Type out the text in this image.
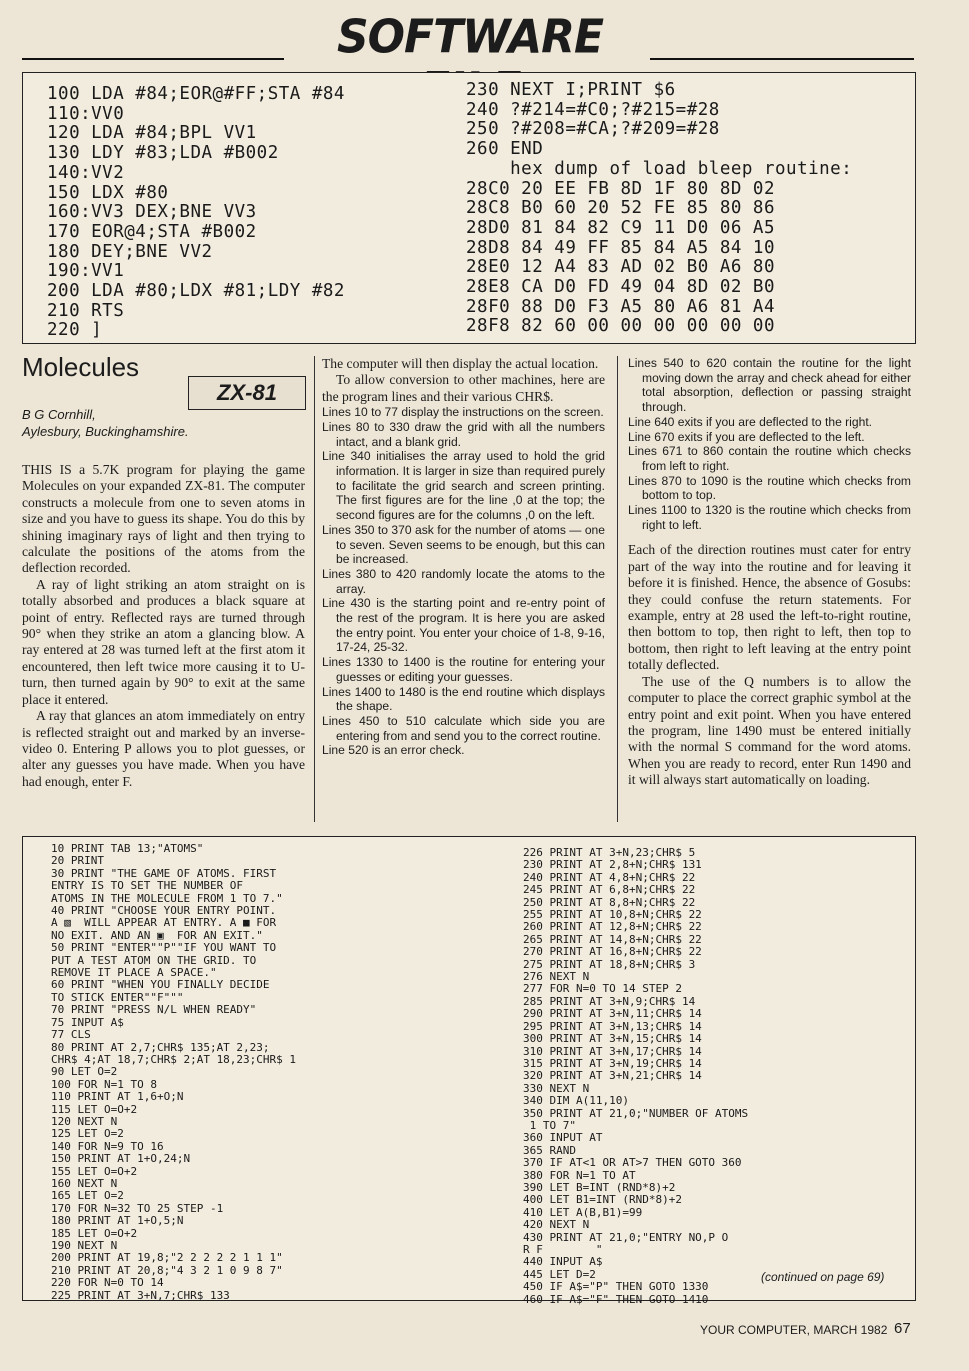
SOFTWARE
100 LDA #84;EOR@#FF;STA #84
110:VV0
120 LDA #84;BPL VV1
130 LDY #83;LDA #B002
140:VV2
150 LDX #80
160:VV3 DEX;BNE VV3
170 EOR@4;STA #B002
180 DEY;BNE VV2
190:VV1
200 LDA #80;LDX #81;LDY #82
210 RTS
220 ]
230 NEXT I;PRINT $6
240 ?#214=#C0;?#215=#28
250 ?#208=#CA;?#209=#28
260 END
hex dump of load bleep routine:
28C0 20 EE FB 8D 1F 80 8D 02
28C8 B0 60 20 52 FE 85 80 86
28D0 81 84 82 C9 11 D0 06 A5
28D8 84 49 FF 85 84 A5 84 10
28E0 12 A4 83 AD 02 B0 A6 80
28E8 CA D0 FD 49 04 8D 02 B0
28F0 88 D0 F3 A5 80 A6 81 A4
28F8 82 60 00 00 00 00 00 00
Molecules
ZX-81
B G Cornhill,
Aylesbury, Buckinghamshire.

THIS IS a 5.7K program for playing the game Molecules on your expanded ZX-81. The computer constructs a molecule from one to seven atoms in size and you have to guess its shape. You do this by shining imaginary rays of light and then trying to calculate the positions of the atoms from the deflection recorded.

A ray of light striking an atom straight on is totally absorbed and produces a black square at point of entry. Reflected rays are turned through 90° when they strike an atom a glancing blow. A ray entered at 28 was turned left at the first atom it encountered, then left twice more causing it to U-turn, then turned again by 90° to exit at the same place it entered.

A ray that glances an atom immediately on entry is reflected straight out and marked by an inverse-video 0. Entering P allows you to plot guesses, or alter any guesses you have made. When you have had enough, enter F.

The computer will then display the actual location.

To allow conversion to other machines, here are the program lines and their various CHR$.

Lines 10 to 77 display the instructions on the screen.

Lines 80 to 330 draw the grid with all the numbers intact, and a blank grid.

Line 340 initialises the array used to hold the grid information. It is larger in size than required purely to facilitate the grid search and screen printing. The first figures are for the line ,0 at the top; the second figures are for the columns ,0 on the left.

Lines 350 to 370 ask for the number of atoms — one to seven. Seven seems to be enough, but this can be increased.

Lines 380 to 420 randomly locate the atoms to the array.

Line 430 is the starting point and re-entry point of the rest of the program. It is here you are asked the entry point. You enter your choice of 1-8, 9-16, 17-24, 25-32.

Lines 1330 to 1400 is the routine for entering your guesses or editing your guesses.

Lines 1400 to 1480 is the end routine which displays the shape.

Lines 450 to 510 calculate which side you are entering from and send you to the correct routine.

Line 520 is an error check.

Lines 540 to 620 contain the routine for the light moving down the array and check ahead for either total absorption, deflection or passing straight through.

Line 640 exits if you are deflected to the right.

Line 670 exits if you are deflected to the left.

Lines 671 to 860 contain the routine which checks from left to right.

Lines 870 to 1090 is the routine which checks from bottom to top.

Lines 1100 to 1320 is the routine which checks from right to left.

Each of the direction routines must cater for entry part of the way into the routine and for leaving it before it is finished. Hence, the absence of Gosubs: they could confuse the return statements. For example, entry at 28 used the left-to-right routine, then bottom to top, then right to left, then top to bottom, then right to left leaving at the entry point totally deflected.

The use of the Q numbers is to allow the computer to place the correct graphic symbol at the entry point and exit point. When you have entered the program, line 1490 must be entered initially with the normal S command for the word atoms. When you are ready to record, enter Run 1490 and it will always start automatically on loading.

10 PRINT TAB 13;"ATOMS"
20 PRINT
30 PRINT "THE GAME OF ATOMS. FIRST
ENTRY IS TO SET THE NUMBER OF
ATOMS IN THE MOLECULE FROM 1 TO 7."
40 PRINT "CHOOSE YOUR ENTRY POINT.
A ▧  WILL APPEAR AT ENTRY. A ■ FOR
NO EXIT. AND AN ▣  FOR AN EXIT."
50 PRINT "ENTER""P""IF YOU WANT TO
PUT A TEST ATOM ON THE GRID. TO
REMOVE IT PLACE A SPACE."
60 PRINT "WHEN YOU FINALLY DECIDE
TO STICK ENTER""F"""
70 PRINT "PRESS N/L WHEN READY"
75 INPUT A$
77 CLS
80 PRINT AT 2,7;CHR$ 135;AT 2,23;
CHR$ 4;AT 18,7;CHR$ 2;AT 18,23;CHR$ 1
90 LET O=2
100 FOR N=1 TO 8
110 PRINT AT 1,6+O;N
115 LET O=O+2
120 NEXT N
125 LET O=2
140 FOR N=9 TO 16
150 PRINT AT 1+O,24;N
155 LET O=O+2
160 NEXT N
165 LET O=2
170 FOR N=32 TO 25 STEP -1
180 PRINT AT 1+O,5;N
185 LET O=O+2
190 NEXT N
200 PRINT AT 19,8;"2 2 2 2 2 1 1 1"
210 PRINT AT 20,8;"4 3 2 1 0 9 8 7"
220 FOR N=0 TO 14
225 PRINT AT 3+N,7;CHR$ 133
226 PRINT AT 3+N,23;CHR$ 5
230 PRINT AT 2,8+N;CHR$ 131
240 PRINT AT 4,8+N;CHR$ 22
245 PRINT AT 6,8+N;CHR$ 22
250 PRINT AT 8,8+N;CHR$ 22
255 PRINT AT 10,8+N;CHR$ 22
260 PRINT AT 12,8+N;CHR$ 22
265 PRINT AT 14,8+N;CHR$ 22
270 PRINT AT 16,8+N;CHR$ 22
275 PRINT AT 18,8+N;CHR$ 3
276 NEXT N
277 FOR N=0 TO 14 STEP 2
285 PRINT AT 3+N,9;CHR$ 14
290 PRINT AT 3+N,11;CHR$ 14
295 PRINT AT 3+N,13;CHR$ 14
300 PRINT AT 3+N,15;CHR$ 14
310 PRINT AT 3+N,17;CHR$ 14
315 PRINT AT 3+N,19;CHR$ 14
320 PRINT AT 3+N,21;CHR$ 14
330 NEXT N
340 DIM A(11,10)
350 PRINT AT 21,0;"NUMBER OF ATOMS
1 TO 7"
360 INPUT AT
365 RAND
370 IF AT<1 OR AT>7 THEN GOTO 360
380 FOR N=1 TO AT
390 LET B=INT (RND*8)+2
400 LET B1=INT (RND*8)+2
410 LET A(B,B1)=99
420 NEXT N
430 PRINT AT 21,0;"ENTRY NO,P O
R F        "
440 INPUT A$
445 LET D=2
450 IF A$="P" THEN GOTO 1330
460 IF A$="F" THEN GOTO 1410
(continued on page 69)
YOUR COMPUTER, MARCH 1982 67
